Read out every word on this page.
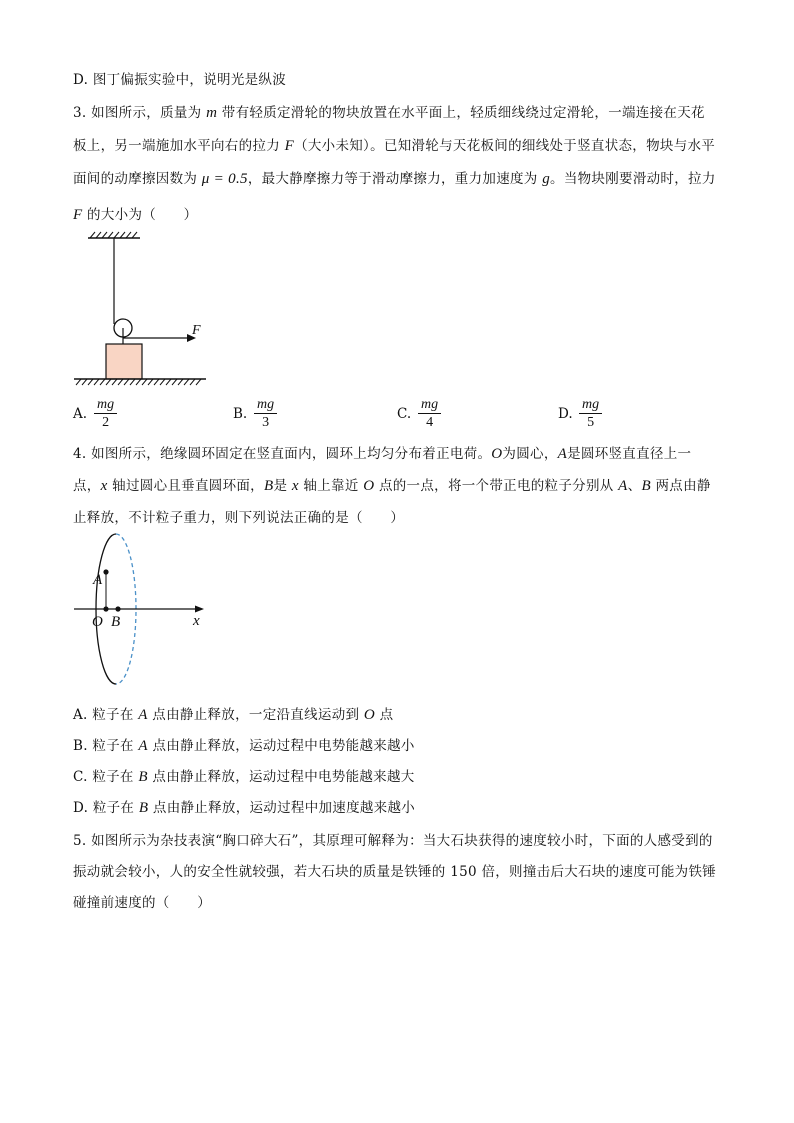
D. 图丁偏振实验中，说明光是纵波
3. 如图所示，质量为 m 带有轻质定滑轮的物块放置在水平面上，轻质细线绕过定滑轮，一端连接在天花
板上，另一端施加水平向右的拉力 F（大小未知）。已知滑轮与天花板间的细线处于竖直状态，物块与水平
面间的动摩擦因数为 μ = 0.5，最大静摩擦力等于滑动摩擦力，重力加速度为 g。当物块刚要滑动时，拉力
F 的大小为（　　）
F
A. $\frac{mg}{2}$	B. $\frac{mg}{3}$	C. $\frac{mg}{4}$	D. $\frac{mg}{5}$
4. 如图所示，绝缘圆环固定在竖直面内，圆环上均匀分布着正电荷。O为圆心，A是圆环竖直直径上一
点，x 轴过圆心且垂直圆环面，B是 x 轴上靠近 O 点的一点，将一个带正电的粒子分别从 A、B 两点由静
止释放，不计粒子重力，则下列说法正确的是（　　）
A
O B	x
A. 粒子在 A 点由静止释放，一定沿直线运动到 O 点
B. 粒子在 A 点由静止释放，运动过程中电势能越来越小
C. 粒子在 B 点由静止释放，运动过程中电势能越来越大
D. 粒子在 B 点由静止释放，运动过程中加速度越来越小
5. 如图所示为杂技表演“胸口碎大石”，其原理可解释为：当大石块获得的速度较小时，下面的人感受到的
振动就会较小，人的安全性就较强，若大石块的质量是铁锤的 150 倍，则撞击后大石块的速度可能为铁锤
碰撞前速度的（　　）
